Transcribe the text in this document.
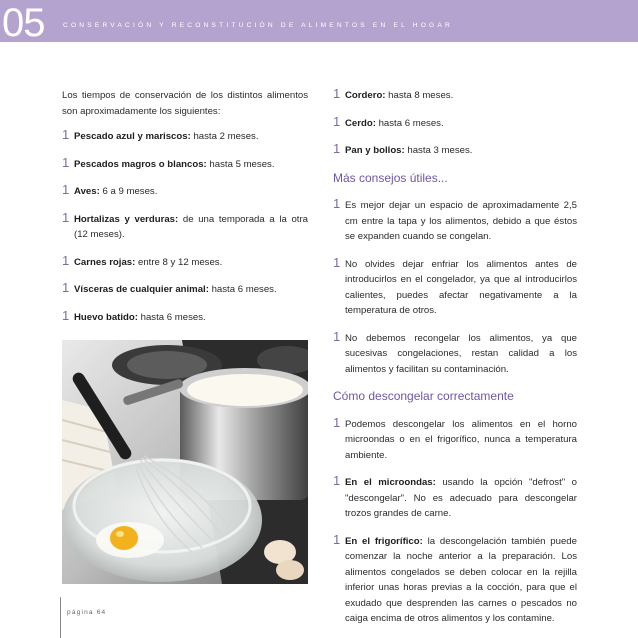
05	CONSERVACIÓN Y RECONSTITUCIÓN DE ALIMENTOS EN EL HOGAR

Los tiempos de conservación de los distintos alimentos son aproximadamente los siguientes:

1 Pescado azul y mariscos: hasta 2 meses.
1 Pescados magros o blancos: hasta 5 meses.
1 Aves: 6 a 9 meses.
1 Hortalizas y verduras: de una temporada a la otra (12 meses).
1 Carnes rojas: entre 8 y 12 meses.
1 Vísceras de cualquier animal: hasta 6 meses.
1 Huevo batido: hasta 6 meses.
1 Cordero: hasta 8 meses.
1 Cerdo: hasta 6 meses.
1 Pan y bollos: hasta 3 meses.
Más consejos útiles...
1 Es mejor dejar un espacio de aproximadamente 2,5 cm entre la tapa y los alimentos, debido a que éstos se expanden cuando se congelan.
1 No olvides dejar enfriar los alimentos antes de introducirlos en el congelador, ya que al introducirlos calientes, puedes afectar negativamente a la temperatura de otros.
1 No debemos recongelar los alimentos, ya que sucesivas congelaciones, restan calidad a los alimentos y facilitan su contaminación.
Cómo descongelar correctamente
1 Podemos descongelar los alimentos en el horno microondas o en el frigorífico, nunca a temperatura ambiente.
1 En el microondas: usando la opción "defrost" o "descongelar". No es adecuado para descongelar trozos grandes de carne.
1 En el frigorífico: la descongelación también puede comenzar la noche anterior a la preparación. Los alimentos congelados se deben colocar en la rejilla inferior unas horas previas a la cocción, para que el exudado que desprenden las carnes o pescados no caiga encima de otros alimentos y los contamine.
página 64
